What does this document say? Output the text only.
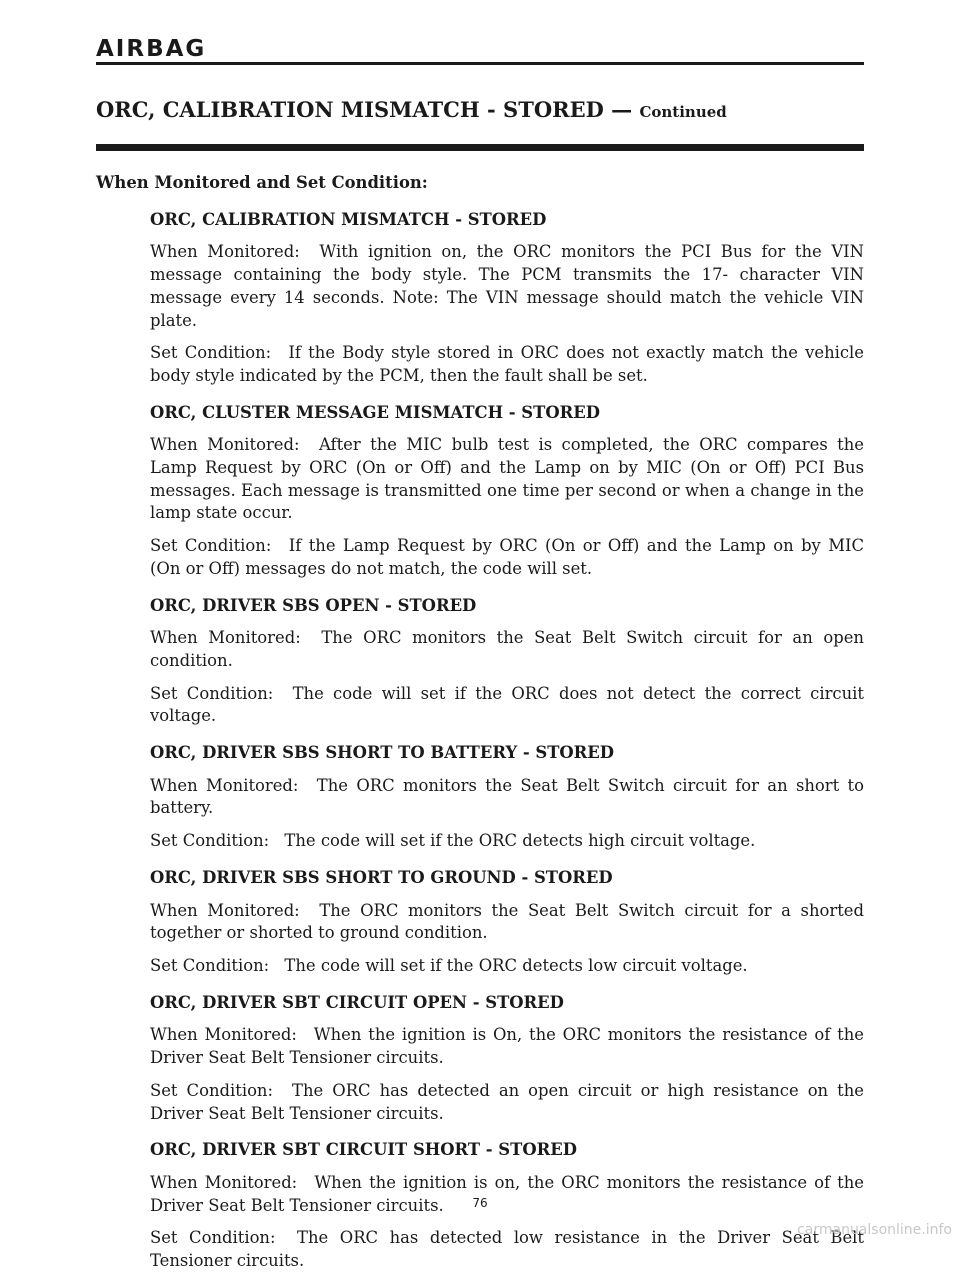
AIRBAG
ORC, CALIBRATION MISMATCH - STORED — Continued

When Monitored and Set Condition:

ORC, CALIBRATION MISMATCH - STORED

When Monitored: With ignition on, the ORC monitors the PCI Bus for the VIN message containing the body style. The PCM transmits the 17- character VIN message every 14 seconds. Note: The VIN message should match the vehicle VIN plate.

Set Condition: If the Body style stored in ORC does not exactly match the vehicle body style indicated by the PCM, then the fault shall be set.

ORC, CLUSTER MESSAGE MISMATCH - STORED

When Monitored: After the MIC bulb test is completed, the ORC compares the Lamp Request by ORC (On or Off) and the Lamp on by MIC (On or Off) PCI Bus messages. Each message is transmitted one time per second or when a change in the lamp state occur.

Set Condition: If the Lamp Request by ORC (On or Off) and the Lamp on by MIC (On or Off) messages do not match, the code will set.

ORC, DRIVER SBS OPEN - STORED

When Monitored: The ORC monitors the Seat Belt Switch circuit for an open condition.

Set Condition: The code will set if the ORC does not detect the correct circuit voltage.

ORC, DRIVER SBS SHORT TO BATTERY - STORED

When Monitored: The ORC monitors the Seat Belt Switch circuit for an short to battery.

Set Condition: The code will set if the ORC detects high circuit voltage.

ORC, DRIVER SBS SHORT TO GROUND - STORED

When Monitored: The ORC monitors the Seat Belt Switch circuit for a shorted together or shorted to ground condition.

Set Condition: The code will set if the ORC detects low circuit voltage.

ORC, DRIVER SBT CIRCUIT OPEN - STORED

When Monitored: When the ignition is On, the ORC monitors the resistance of the Driver Seat Belt Tensioner circuits.

Set Condition: The ORC has detected an open circuit or high resistance on the Driver Seat Belt Tensioner circuits.

ORC, DRIVER SBT CIRCUIT SHORT - STORED

When Monitored: When the ignition is on, the ORC monitors the resistance of the Driver Seat Belt Tensioner circuits.

Set Condition: The ORC has detected low resistance in the Driver Seat Belt Tensioner circuits.

76
carmanualsonline.info
